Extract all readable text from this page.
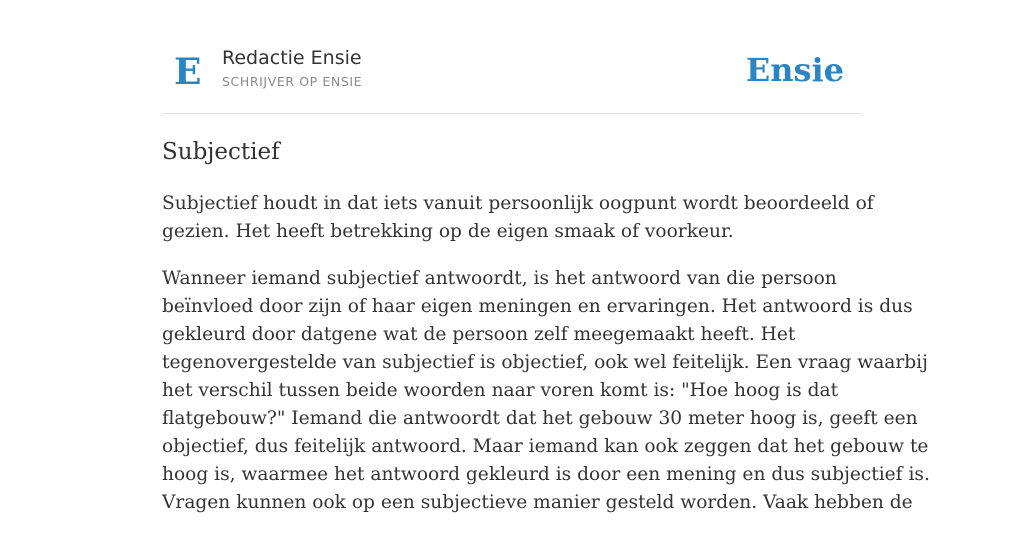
E Redactie Ensie
SCHRIJVER OP ENSIE	Ensie
Subjectief

Subjectief houdt in dat iets vanuit persoonlijk oogpunt wordt beoordeeld of
gezien. Het heeft betrekking op de eigen smaak of voorkeur.

Wanneer iemand subjectief antwoordt, is het antwoord van die persoon
beïnvloed door zijn of haar eigen meningen en ervaringen. Het antwoord is dus
gekleurd door datgene wat de persoon zelf meegemaakt heeft. Het
tegenovergestelde van subjectief is objectief, ook wel feitelijk. Een vraag waarbij
het verschil tussen beide woorden naar voren komt is: "Hoe hoog is dat
flatgebouw?" Iemand die antwoordt dat het gebouw 30 meter hoog is, geeft een
objectief, dus feitelijk antwoord. Maar iemand kan ook zeggen dat het gebouw te
hoog is, waarmee het antwoord gekleurd is door een mening en dus subjectief is.
Vragen kunnen ook op een subjectieve manier gesteld worden. Vaak hebben de
